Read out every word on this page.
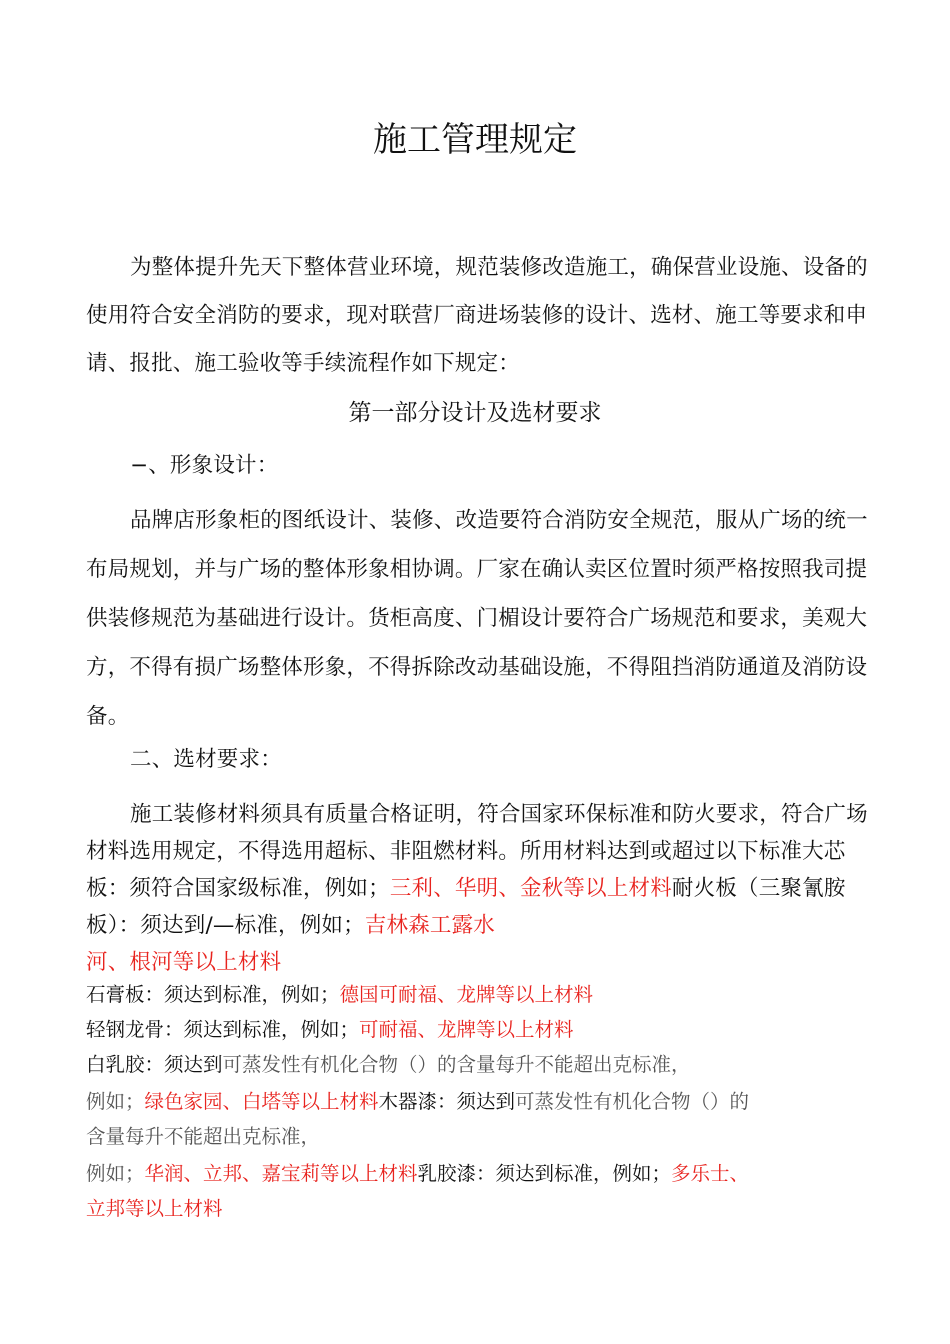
施工管理规定

为整体提升先天下整体营业环境，规范装修改造施工，确保营业设施、设备的使用符合安全消防的要求，现对联营厂商进场装修的设计、选材、施工等要求和申请、报批、施工验收等手续流程作如下规定：

第一部分设计及选材要求

−、形象设计：

品牌店形象柜的图纸设计、装修、改造要符合消防安全规范，服从广场的统一布局规划，并与广场的整体形象相协调。厂家在确认卖区位置时须严格按照我司提供装修规范为基础进行设计。货柜高度、门楣设计要符合广场规范和要求，美观大方，不得有损广场整体形象，不得拆除改动基础设施，不得阻挡消防通道及消防设备。

二、选材要求：

施工装修材料须具有质量合格证明，符合国家环保标准和防火要求，符合广场材料选用规定，不得选用超标、非阻燃材料。所用材料达到或超过以下标准大芯板：须符合国家级标准，例如；三利、华明、金秋等以上材料耐火板（三聚氰胺板）：须达到/—标准，例如；吉林森工露水
河、根河等以上材料

石膏板：须达到标准，例如；德国可耐福、龙牌等以上材料
轻钢龙骨：须达到标准，例如；可耐福、龙牌等以上材料
白乳胶：须达到可蒸发性有机化合物（）的含量每升不能超出克标准，
例如；绿色家园、白塔等以上材料木器漆：须达到可蒸发性有机化合物（）的
含量每升不能超出克标准，
例如；华润、立邦、嘉宝莉等以上材料乳胶漆：须达到标准，例如；多乐士、
立邦等以上材料
